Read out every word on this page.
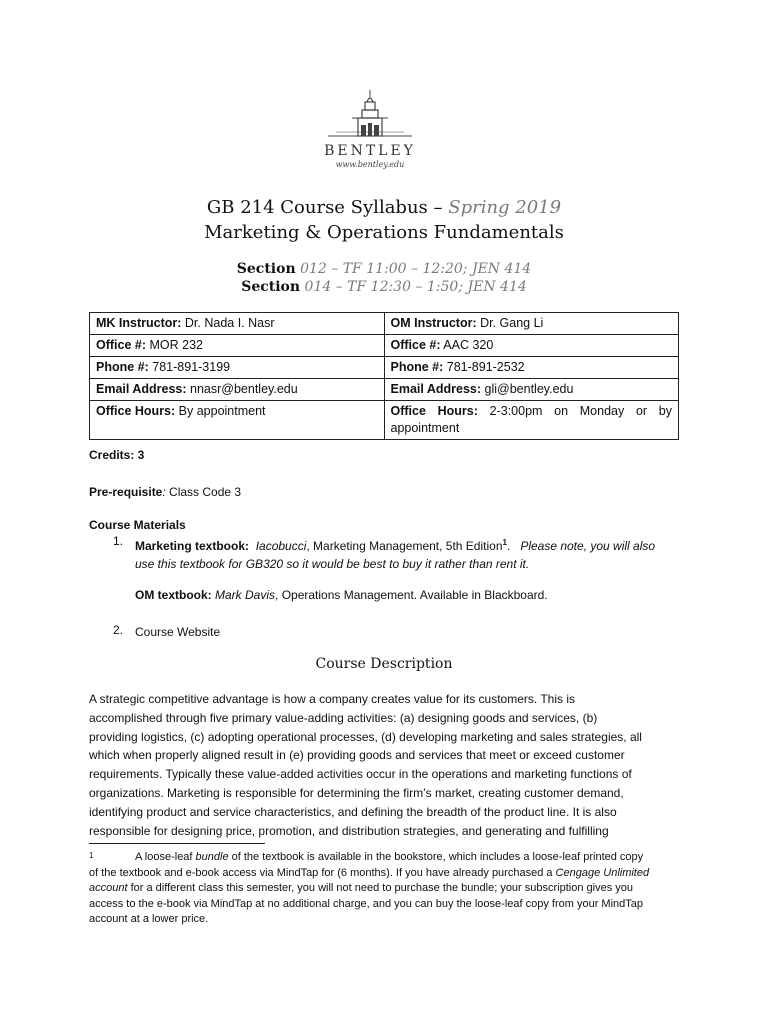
BENTLEY
www.bentley.edu
GB 214 Course Syllabus – Spring 2019
Marketing & Operations Fundamentals
Section 012 – TF 11:00 – 12:20; JEN 414
Section 014 – TF 12:30 – 1:50; JEN 414
MK Instructor: Dr. Nada I. Nasr	OM Instructor: Dr. Gang Li
Office #: MOR 232	Office #: AAC 320
Phone #: 781-891-3199	Phone #: 781-891-2532
Email Address: nnasr@bentley.edu	Email Address: gli@bentley.edu
Office Hours: By appointment	Office Hours: 2-3:00pm on Monday or by
appointment
Credits: 3
Pre-requisite: Class Code 3
Course Materials
1. Marketing textbook: Iacobucci, Marketing Management, 5th Edition$^1$. Please note, you will also
use this textbook for GB320 so it would be best to buy it rather than rent it.
OM textbook: Mark Davis, Operations Management. Available in Blackboard.
2. Course Website
Course Description
A strategic competitive advantage is how a company creates value for its customers. This is
accomplished through five primary value-adding activities: (a) designing goods and services, (b)
providing logistics, (c) adopting operational processes, (d) developing marketing and sales strategies, all
which when properly aligned result in (e) providing goods and services that meet or exceed customer
requirements. Typically these value-added activities occur in the operations and marketing functions of
organizations. Marketing is responsible for determining the firm’s market, creating customer demand,
identifying product and service characteristics, and defining the breadth of the product line. It is also
responsible for designing price, promotion, and distribution strategies, and generating and fulfilling
1	A loose-leaf bundle of the textbook is available in the bookstore, which includes a loose-leaf printed copy
of the textbook and e-book access via MindTap for (6 months). If you have already purchased a Cengage Unlimited
account for a different class this semester, you will not need to purchase the bundle; your subscription gives you
access to the e-book via MindTap at no additional charge, and you can buy the loose-leaf copy from your MindTap
account at a lower price.
